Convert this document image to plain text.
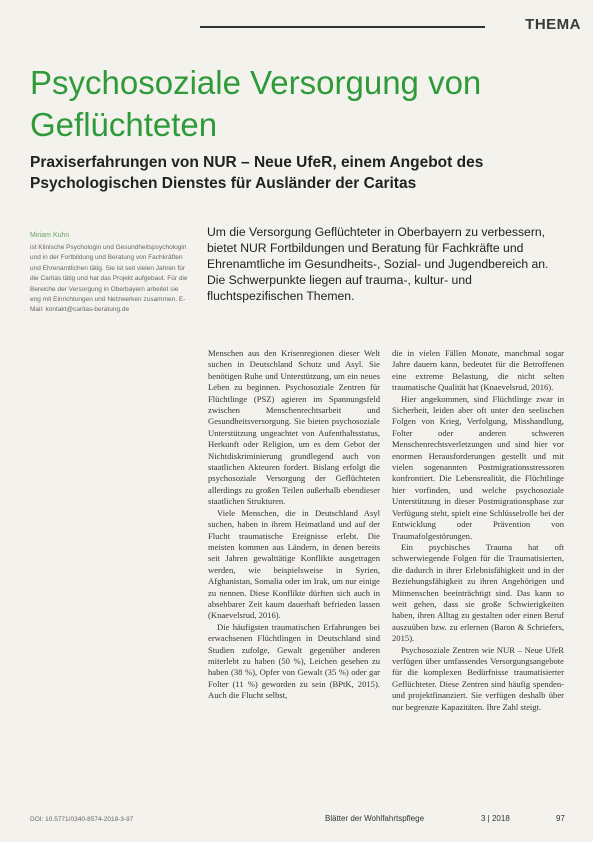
THEMA
Psychosoziale Versorgung von Geflüchteten
Praxiserfahrungen von NUR – Neue UfeR, einem Angebot des Psychologischen Dienstes für Ausländer der Caritas
Miriam Kuhn

ist Klinische Psychologin und Gesundheitspsychologin und in der Fortbildung und Beratung von Fachkräften und Ehrenamtlichen tätig. Sie ist seit vielen Jahren für die Caritas tätig und hat das Projekt aufgebaut. Für die Bereiche der Versorgung in Oberbayern arbeitet sie eng mit Einrichtungen und Netzwerken zusammen. E-Mail: kontakt@caritas-beratung.de

Um die Versorgung Geflüchteter in Oberbayern zu verbessern, bietet NUR Fortbildungen und Beratung für Fachkräfte und Ehrenamtliche im Gesundheits-, Sozial- und Jugendbereich an. Die Schwerpunkte liegen auf trauma-, kultur- und fluchtspezifischen Themen.

Menschen aus den Krisenregionen dieser Welt suchen in Deutschland Schutz und Asyl. Sie benötigen Ruhe und Unterstützung, um ein neues Leben zu beginnen. Psychosoziale Zentren für Flüchtlinge (PSZ) agieren im Spannungsfeld zwischen Menschenrechtsarbeit und Gesundheitsversorgung. Sie bieten psychosoziale Unterstützung ungeachtet von Aufenthaltsstatus, Herkunft oder Religion, um es dem Gebot der Nichtdiskriminierung grundlegend auch von staatlichen Akteuren fordert. Bislang erfolgt die psychosoziale Versorgung der Geflüchteten allerdings zu großen Teilen außerhalb ebendieser staatlichen Strukturen.

Viele Menschen, die in Deutschland Asyl suchen, haben in ihrem Heimatland und auf der Flucht traumatische Ereignisse erlebt. Die meisten kommen aus Ländern, in denen bereits seit Jahren gewalttätige Konflikte ausgetragen werden, wie beispielsweise in Syrien, Afghanistan, Somalia oder im Irak, um nur einige zu nennen. Diese Konflikte dürften sich auch in absehbarer Zeit kaum dauerhaft befrieden lassen (Knaevelsrud, 2016).

Die häufigsten traumatischen Erfahrungen bei erwachsenen Flüchtlingen in Deutschland sind Studien zufolge, Gewalt gegenüber anderen miterlebt zu haben (50 %), Leichen gesehen zu haben (38 %), Opfer von Gewalt (35 %) oder gar Folter (11 %) geworden zu sein (BPtK, 2015). Auch die Flucht selbst,

die in vielen Fällen Monate, manchmal sogar Jahre dauern kann, bedeutet für die Betroffenen eine extreme Belastung, die nicht selten traumatische Qualität hat (Knaevelsrud, 2016).

Hier angekommen, sind Flüchtlinge zwar in Sicherheit, leiden aber oft unter den seelischen Folgen von Krieg, Verfolgung, Misshandlung, Folter oder anderen schweren Menschenrechtsverletzungen und sind hier vor enormen Herausforderungen gestellt und mit vielen sogenannten Postmigrationsstressoren konfrontiert. Die Lebensrealität, die Flüchtlinge hier vorfinden, und welche psychosoziale Unterstützung in dieser Postmigrationsphase zur Verfügung steht, spielt eine Schlüsselrolle bei der Entwicklung oder Prävention von Traumafolgestörungen.

Ein psychisches Trauma hat oft schwerwiegende Folgen für die Traumatisierten, die dadurch in ihrer Erlebnisfähigkeit und in der Beziehungsfähigkeit zu ihren Angehörigen und Mitmenschen beeinträchtigt sind. Das kann so weit gehen, dass sie große Schwierigkeiten haben, ihren Alltag zu gestalten oder einen Beruf auszuüben bzw. zu erlernen (Baron & Schriefers, 2015).

Psychosoziale Zentren wie NUR – Neue UfeR verfügen über umfassendes Versorgungsangebote für die komplexen Bedürfnisse traumatisierter Geflüchteter. Diese Zentren sind häufig spenden- und projektfinanziert. Sie verfügen deshalb über nur begrenzte Kapazitäten. Ihre Zahl steigt.

DOI: 10.5771/0340-8574-2018-3-97	Blätter der Wohlfahrtspflege	3 | 2018	97
